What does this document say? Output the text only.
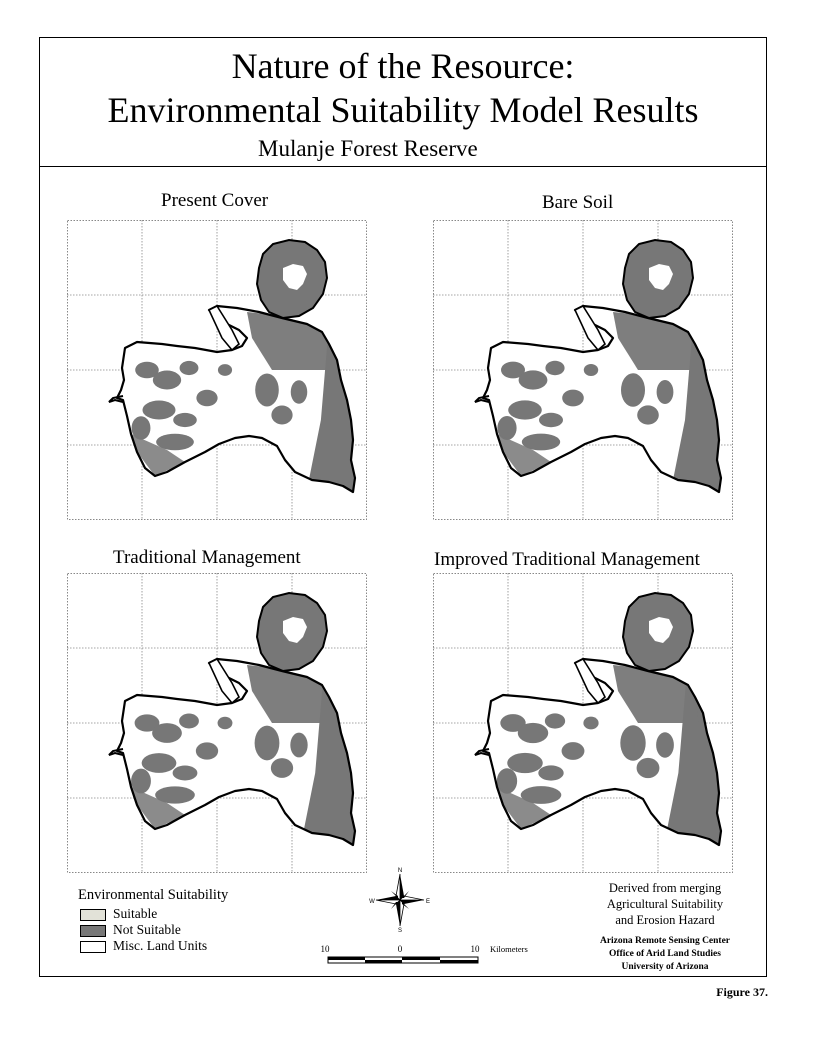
Nature of the Resource:
Environmental Suitability Model Results
Mulanje Forest Reserve
Present Cover	Bare Soil
Traditional Management	Improved Traditional Management
Environmental Suitability
Suitable
Not Suitable
Misc. Land Units
N
S
E
W
10	0	10 Kilometers
Derived from merging
Agricultural Suitability
and Erosion Hazard
Arizona Remote Sensing Center
Office of Arid Land Studies
University of Arizona
Figure 37.
